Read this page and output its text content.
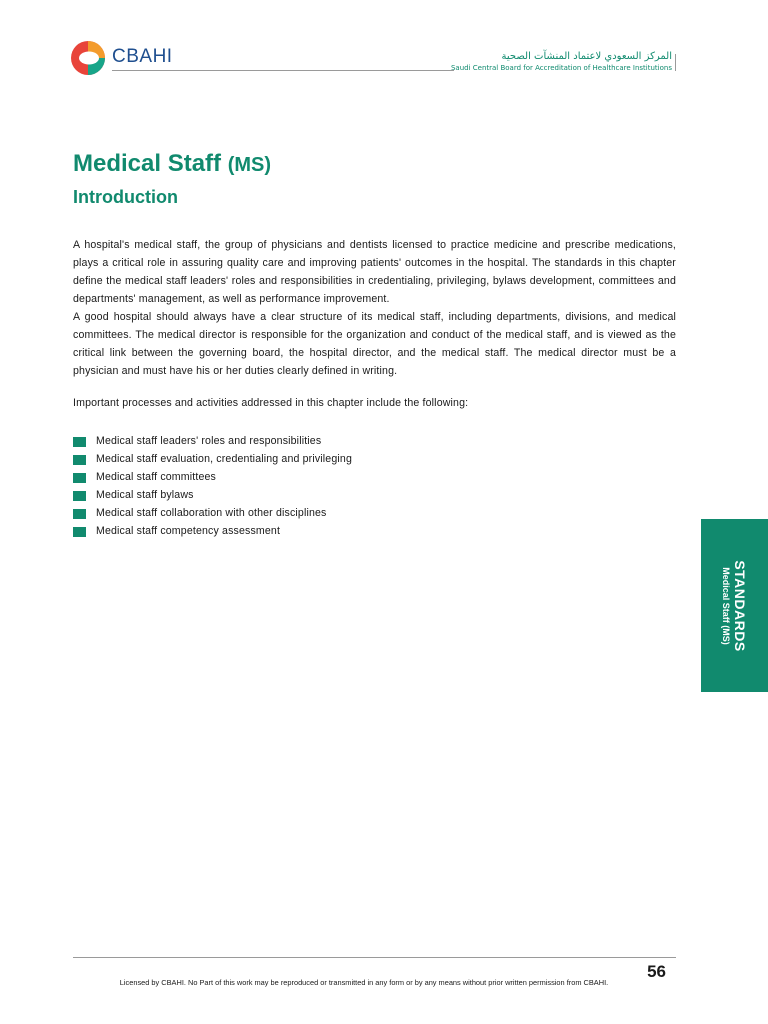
CBAHI	المركز السعودي لاعتماد المنشآت الصحية
Saudi Central Board for Accreditation of Healthcare Institutions
Medical Staff (MS)
Introduction

A hospital's medical staff, the group of physicians and dentists licensed to practice medicine and prescribe medications, plays a critical role in assuring quality care and improving patients' outcomes in the hospital. The standards in this chapter define the medical staff leaders' roles and responsibilities in credentialing, privileging, bylaws development, committees and departments' management, as well as performance improvement.

A good hospital should always have a clear structure of its medical staff, including departments, divisions, and medical committees. The medical director is responsible for the organization and conduct of the medical staff, and is viewed as the critical link between the governing board, the hospital director, and the medical staff. The medical director must be a physician and must have his or her duties clearly defined in writing.

Important processes and activities addressed in this chapter include the following:
Medical staff leaders' roles and responsibilities
Medical staff evaluation, credentialing and privileging
Medical staff committees
Medical staff bylaws
Medical staff collaboration with other disciplines
Medical staff competency assessment
STANDARDS
Medical Staff (MS)
56
Licensed by CBAHI. No Part of this work may be reproduced or transmitted in any form or by any means without prior written permission from CBAHI.
